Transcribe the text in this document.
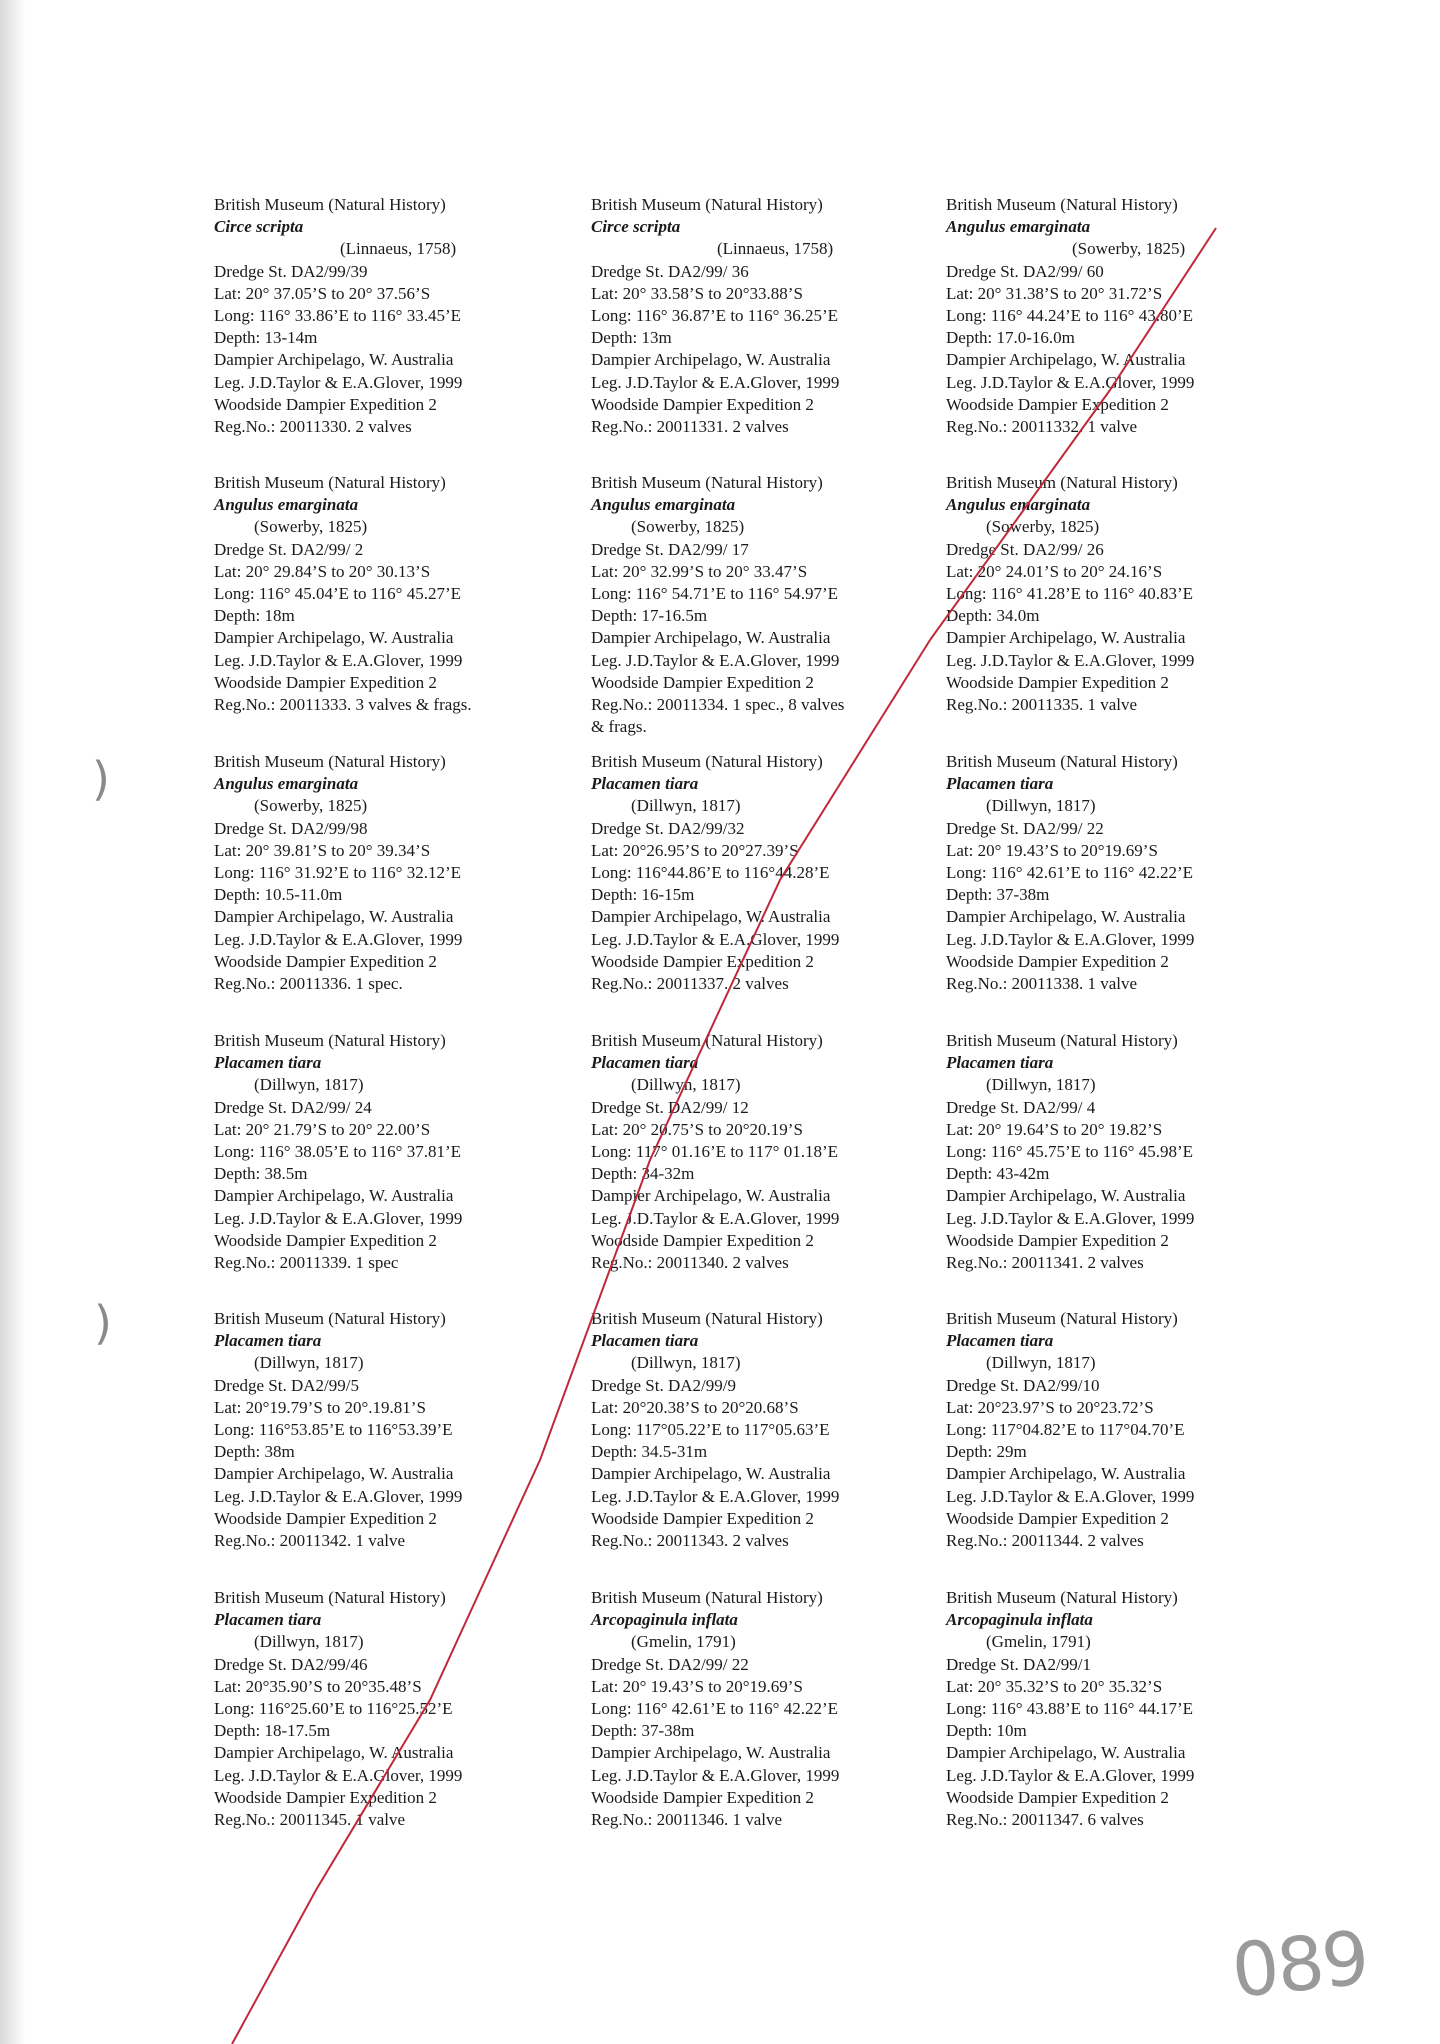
)
)
British Museum (Natural History)
Circe scripta
(Linnaeus, 1758)
Dredge St. DA2/99/39
Lat: 20° 37.05’S to 20° 37.56’S
Long: 116° 33.86’E to 116° 33.45’E
Depth: 13-14m
Dampier Archipelago, W. Australia
Leg. J.D.Taylor & E.A.Glover, 1999
Woodside Dampier Expedition 2
Reg.No.: 20011330. 2 valves
British Museum (Natural History)
Circe scripta
(Linnaeus, 1758)
Dredge St. DA2/99/ 36
Lat: 20° 33.58’S to 20°33.88’S
Long: 116° 36.87’E to 116° 36.25’E
Depth: 13m
Dampier Archipelago, W. Australia
Leg. J.D.Taylor & E.A.Glover, 1999
Woodside Dampier Expedition 2
Reg.No.: 20011331. 2 valves
British Museum (Natural History)
Angulus emarginata
(Sowerby, 1825)
Dredge St. DA2/99/ 60
Lat: 20° 31.38’S to 20° 31.72’S
Long: 116° 44.24’E to 116° 43.80’E
Depth: 17.0-16.0m
Dampier Archipelago, W. Australia
Leg. J.D.Taylor & E.A.Glover, 1999
Woodside Dampier Expedition 2
Reg.No.: 20011332. 1 valve
British Museum (Natural History)
Angulus emarginata
(Sowerby, 1825)
Dredge St. DA2/99/ 2
Lat: 20° 29.84’S to 20° 30.13’S
Long: 116° 45.04’E to 116° 45.27’E
Depth: 18m
Dampier Archipelago, W. Australia
Leg. J.D.Taylor & E.A.Glover, 1999
Woodside Dampier Expedition 2
Reg.No.: 20011333. 3 valves & frags.
British Museum (Natural History)
Angulus emarginata
(Sowerby, 1825)
Dredge St. DA2/99/ 17
Lat: 20° 32.99’S to 20° 33.47’S
Long: 116° 54.71’E to 116° 54.97’E
Depth: 17-16.5m
Dampier Archipelago, W. Australia
Leg. J.D.Taylor & E.A.Glover, 1999
Woodside Dampier Expedition 2
Reg.No.: 20011334. 1 spec., 8 valves
& frags.
British Museum (Natural History)
Angulus emarginata
(Sowerby, 1825)
Dredge St. DA2/99/ 26
Lat: 20° 24.01’S to 20° 24.16’S
Long: 116° 41.28’E to 116° 40.83’E
Depth: 34.0m
Dampier Archipelago, W. Australia
Leg. J.D.Taylor & E.A.Glover, 1999
Woodside Dampier Expedition 2
Reg.No.: 20011335. 1 valve
British Museum (Natural History)
Angulus emarginata
(Sowerby, 1825)
Dredge St. DA2/99/98
Lat: 20° 39.81’S to 20° 39.34’S
Long: 116° 31.92’E to 116° 32.12’E
Depth: 10.5-11.0m
Dampier Archipelago, W. Australia
Leg. J.D.Taylor & E.A.Glover, 1999
Woodside Dampier Expedition 2
Reg.No.: 20011336. 1 spec.
British Museum (Natural History)
Placamen tiara
(Dillwyn, 1817)
Dredge St. DA2/99/32
Lat: 20°26.95’S to 20°27.39’S
Long: 116°44.86’E to 116°44.28’E
Depth: 16-15m
Dampier Archipelago, W. Australia
Leg. J.D.Taylor & E.A.Glover, 1999
Woodside Dampier Expedition 2
Reg.No.: 20011337. 2 valves
British Museum (Natural History)
Placamen tiara
(Dillwyn, 1817)
Dredge St. DA2/99/ 22
Lat: 20° 19.43’S to 20°19.69’S
Long: 116° 42.61’E to 116° 42.22’E
Depth: 37-38m
Dampier Archipelago, W. Australia
Leg. J.D.Taylor & E.A.Glover, 1999
Woodside Dampier Expedition 2
Reg.No.: 20011338. 1 valve
British Museum (Natural History)
Placamen tiara
(Dillwyn, 1817)
Dredge St. DA2/99/ 24
Lat: 20° 21.79’S to 20° 22.00’S
Long: 116° 38.05’E to 116° 37.81’E
Depth: 38.5m
Dampier Archipelago, W. Australia
Leg. J.D.Taylor & E.A.Glover, 1999
Woodside Dampier Expedition 2
Reg.No.: 20011339. 1 spec
British Museum (Natural History)
Placamen tiara
(Dillwyn, 1817)
Dredge St. DA2/99/ 12
Lat: 20° 20.75’S to 20°20.19’S
Long: 117° 01.16’E to 117° 01.18’E
Depth: 34-32m
Dampier Archipelago, W. Australia
Leg. J.D.Taylor & E.A.Glover, 1999
Woodside Dampier Expedition 2
Reg.No.: 20011340. 2 valves
British Museum (Natural History)
Placamen tiara
(Dillwyn, 1817)
Dredge St. DA2/99/ 4
Lat: 20° 19.64’S to 20° 19.82’S
Long: 116° 45.75’E to 116° 45.98’E
Depth: 43-42m
Dampier Archipelago, W. Australia
Leg. J.D.Taylor & E.A.Glover, 1999
Woodside Dampier Expedition 2
Reg.No.: 20011341. 2 valves
British Museum (Natural History)
Placamen tiara
(Dillwyn, 1817)
Dredge St. DA2/99/5
Lat: 20°19.79’S to 20°.19.81’S
Long: 116°53.85’E to 116°53.39’E
Depth: 38m
Dampier Archipelago, W. Australia
Leg. J.D.Taylor & E.A.Glover, 1999
Woodside Dampier Expedition 2
Reg.No.: 20011342. 1 valve
British Museum (Natural History)
Placamen tiara
(Dillwyn, 1817)
Dredge St. DA2/99/9
Lat: 20°20.38’S to 20°20.68’S
Long: 117°05.22’E to 117°05.63’E
Depth: 34.5-31m
Dampier Archipelago, W. Australia
Leg. J.D.Taylor & E.A.Glover, 1999
Woodside Dampier Expedition 2
Reg.No.: 20011343. 2 valves
British Museum (Natural History)
Placamen tiara
(Dillwyn, 1817)
Dredge St. DA2/99/10
Lat: 20°23.97’S to 20°23.72’S
Long: 117°04.82’E to 117°04.70’E
Depth: 29m
Dampier Archipelago, W. Australia
Leg. J.D.Taylor & E.A.Glover, 1999
Woodside Dampier Expedition 2
Reg.No.: 20011344. 2 valves
British Museum (Natural History)
Placamen tiara
(Dillwyn, 1817)
Dredge St. DA2/99/46
Lat: 20°35.90’S to 20°35.48’S
Long: 116°25.60’E to 116°25.52’E
Depth: 18-17.5m
Dampier Archipelago, W. Australia
Leg. J.D.Taylor & E.A.Glover, 1999
Woodside Dampier Expedition 2
Reg.No.: 20011345. 1 valve
British Museum (Natural History)
Arcopaginula inflata
(Gmelin, 1791)
Dredge St. DA2/99/ 22
Lat: 20° 19.43’S to 20°19.69’S
Long: 116° 42.61’E to 116° 42.22’E
Depth: 37-38m
Dampier Archipelago, W. Australia
Leg. J.D.Taylor & E.A.Glover, 1999
Woodside Dampier Expedition 2
Reg.No.: 20011346. 1 valve
British Museum (Natural History)
Arcopaginula inflata
(Gmelin, 1791)
Dredge St. DA2/99/1
Lat: 20° 35.32’S to 20° 35.32’S
Long: 116° 43.88’E to 116° 44.17’E
Depth: 10m
Dampier Archipelago, W. Australia
Leg. J.D.Taylor & E.A.Glover, 1999
Woodside Dampier Expedition 2
Reg.No.: 20011347. 6 valves
089
